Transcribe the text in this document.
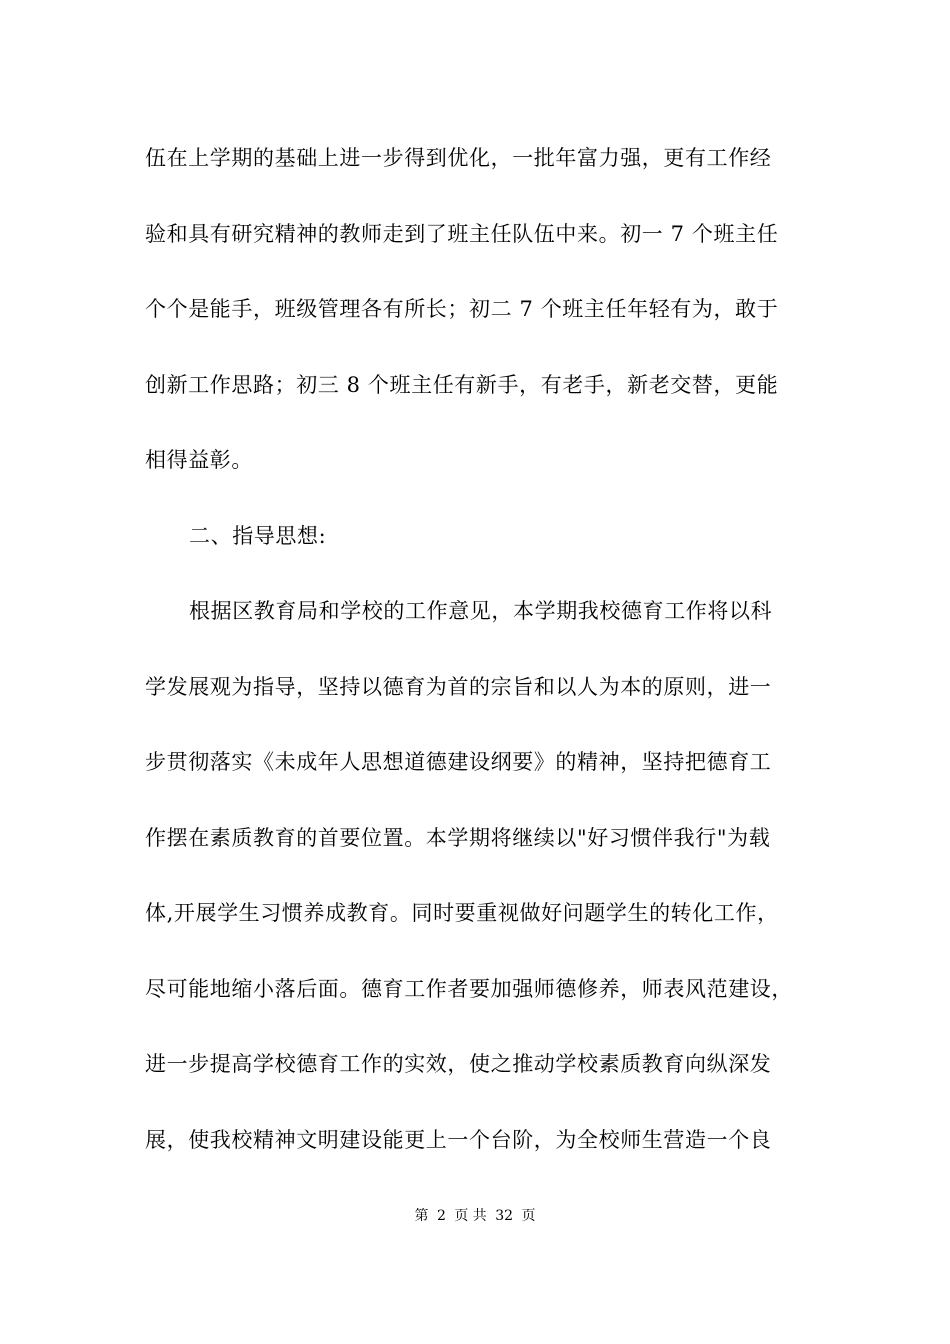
伍在上学期的基础上进一步得到优化，一批年富力强，更有工作经
验和具有研究精神的教师走到了班主任队伍中来。初一 7 个班主任
个个是能手，班级管理各有所长；初二 7 个班主任年轻有为，敢于
创新工作思路；初三 8 个班主任有新手，有老手，新老交替，更能
相得益彰。
二、指导思想:
根据区教育局和学校的工作意见，本学期我校德育工作将以科
学发展观为指导，坚持以德育为首的宗旨和以人为本的原则，进一
步贯彻落实《未成年人思想道德建设纲要》的精神，坚持把德育工
作摆在素质教育的首要位置。本学期将继续以"好习惯伴我行"为载
体,开展学生习惯养成教育。同时要重视做好问题学生的转化工作，
尽可能地缩小落后面。德育工作者要加强师德修养，师表风范建设，
进一步提高学校德育工作的实效，使之推动学校素质教育向纵深发
展，使我校精神文明建设能更上一个台阶，为全校师生营造一个良
第 2 页 共 32 页
